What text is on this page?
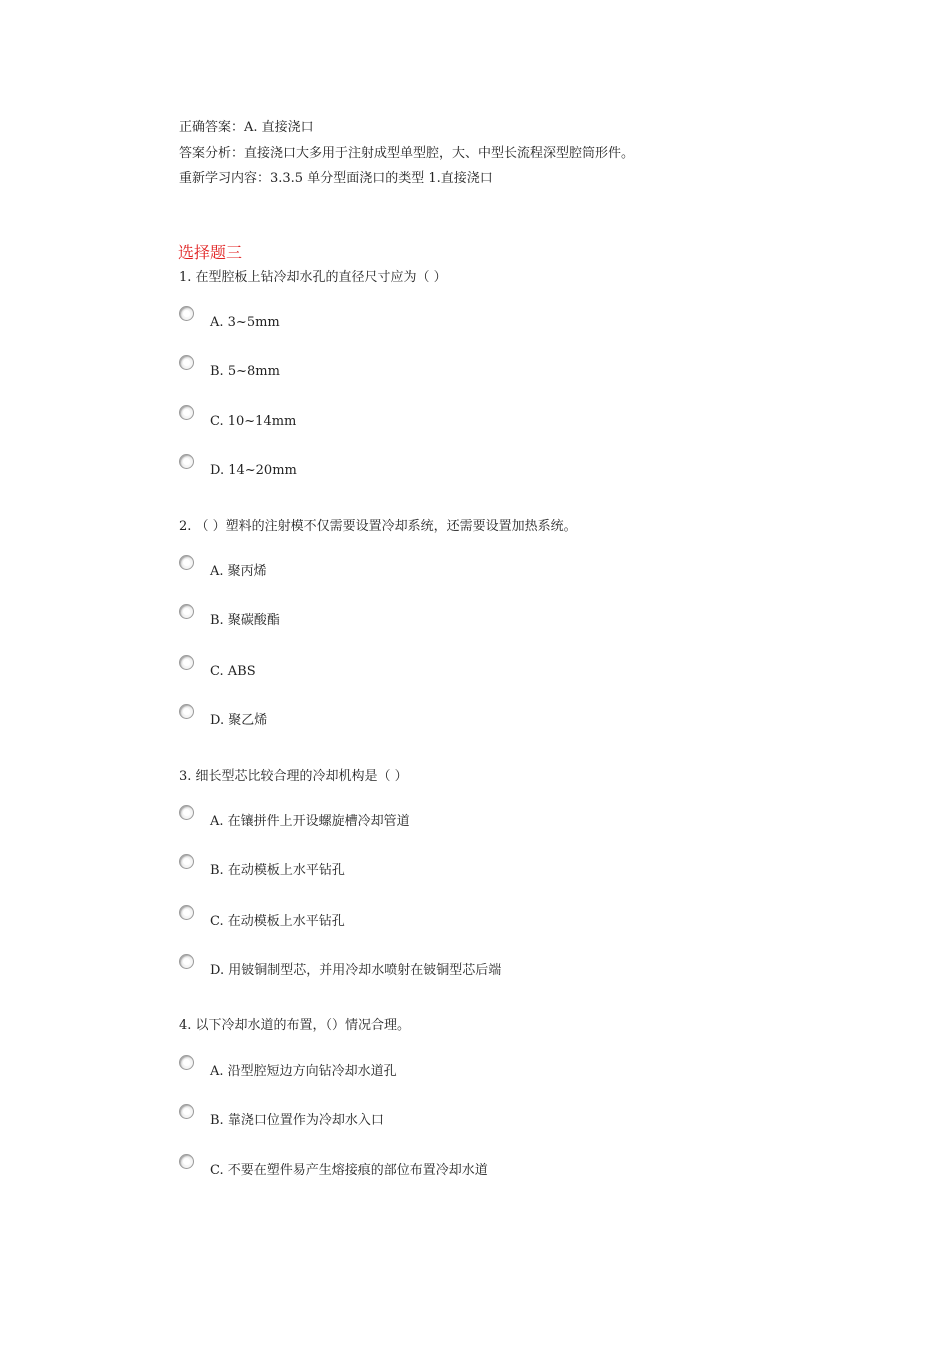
正确答案：A. 直接浇口
答案分析：直接浇口大多用于注射成型单型腔，大、中型长流程深型腔筒形件。
重新学习内容：3.3.5 单分型面浇口的类型 1.直接浇口
选择题三
1. 在型腔板上钻冷却水孔的直径尺寸应为（ ）
A. 3~5mm
B. 5~8mm
C. 10~14mm
D. 14~20mm
2. （ ）塑料的注射模不仅需要设置冷却系统，还需要设置加热系统。
A. 聚丙烯
B. 聚碳酸酯
C. ABS
D. 聚乙烯
3. 细长型芯比较合理的冷却机构是（ ）
A. 在镶拼件上开设螺旋槽冷却管道
B. 在动模板上水平钻孔
C. 在动模板上水平钻孔
D. 用铍铜制型芯，并用冷却水喷射在铍铜型芯后端
4. 以下冷却水道的布置，（）情况合理。
A. 沿型腔短边方向钻冷却水道孔
B. 靠浇口位置作为冷却水入口
C. 不要在塑件易产生熔接痕的部位布置冷却水道
